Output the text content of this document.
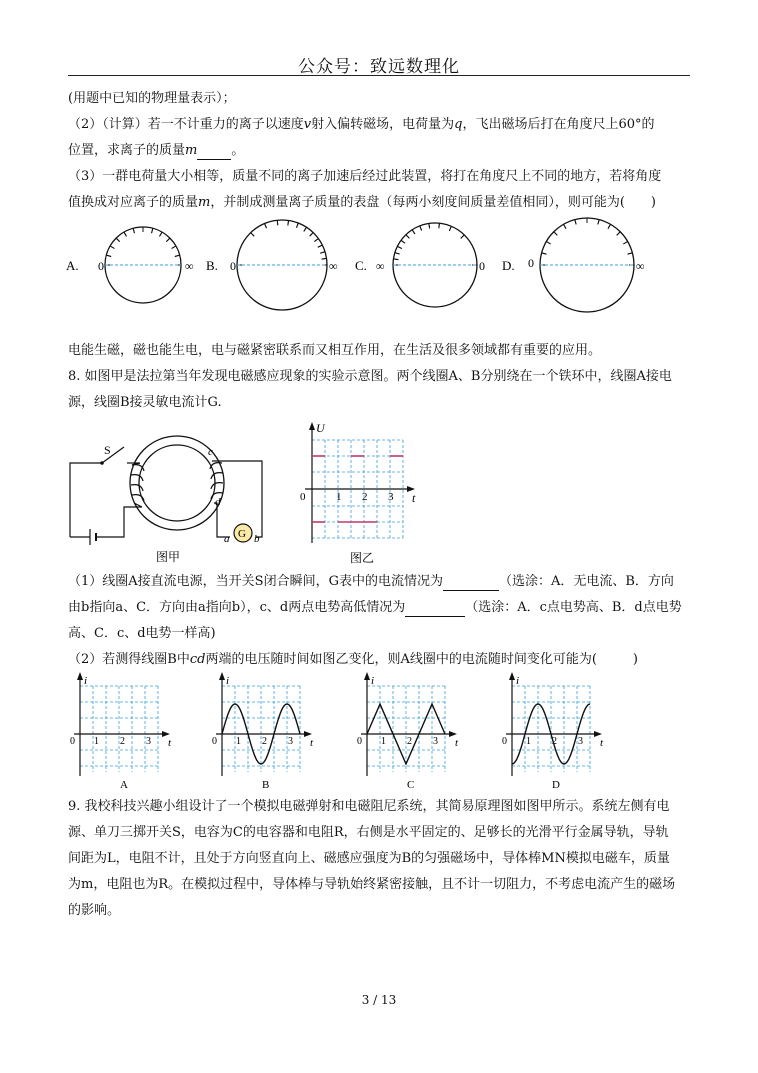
公众号：致远数理化
(用题中已知的物理量表示）；
（2）（计算）若一不计重力的离子以速度v射入偏转磁场，电荷量为q，飞出磁场后打在角度尺上60°的
位置，求离子的质量m	。
（3）一群电荷量大小相等，质量不同的离子加速后经过此装置，将打在角度尺上不同的地方，若将角度
值换成对应离子的质量m，并制成测量离子质量的表盘（每两小刻度间质量差值相同），则可能为( )
A. 0	∞ B. 0	∞ C. ∞	0 D. 0	∞
电能生磁，磁也能生电，电与磁紧密联系而又相互作用，在生活及很多领域都有重要的应用。
8. 如图甲是法拉第当年发现电磁感应现象的实验示意图。两个线圈A、B分别绕在一个铁环中，线圈A接电
源，线圈B接灵敏电流计G.
S
G
c
d
a b
图甲
U
t
0	1 2 3
图乙
（1）线圈A接直流电源，当开关S闭合瞬间，G表中的电流情况为	（选涂：A．无电流、B．方向
由b指向a、C．方向由a指向b），c、d两点电势高低情况为	（选涂：A．c点电势高、B．d点电势
高、C．c、d电势一样高)
（2）若测得线圈B中cd两端的电压随时间如图乙变化，则A线圈中的电流随时间变化可能为(	)
i
t
0 1 2 3
A
i
t
0 1 2 3
B
i
t
0 1 2 3
C
i
t
0 1 2 3
D
9. 我校科技兴趣小组设计了一个模拟电磁弹射和电磁阻尼系统，其简易原理图如图甲所示。系统左侧有电
源、单刀三掷开关S，电容为C的电容器和电阻R，右侧是水平固定的、足够长的光滑平行金属导轨，导轨
间距为L，电阻不计，且处于方向竖直向上、磁感应强度为B的匀强磁场中，导体棒MN模拟电磁车，质量
为m，电阻也为R。在模拟过程中，导体棒与导轨始终紧密接触，且不计一切阻力，不考虑电流产生的磁场
的影响。
3 / 13
